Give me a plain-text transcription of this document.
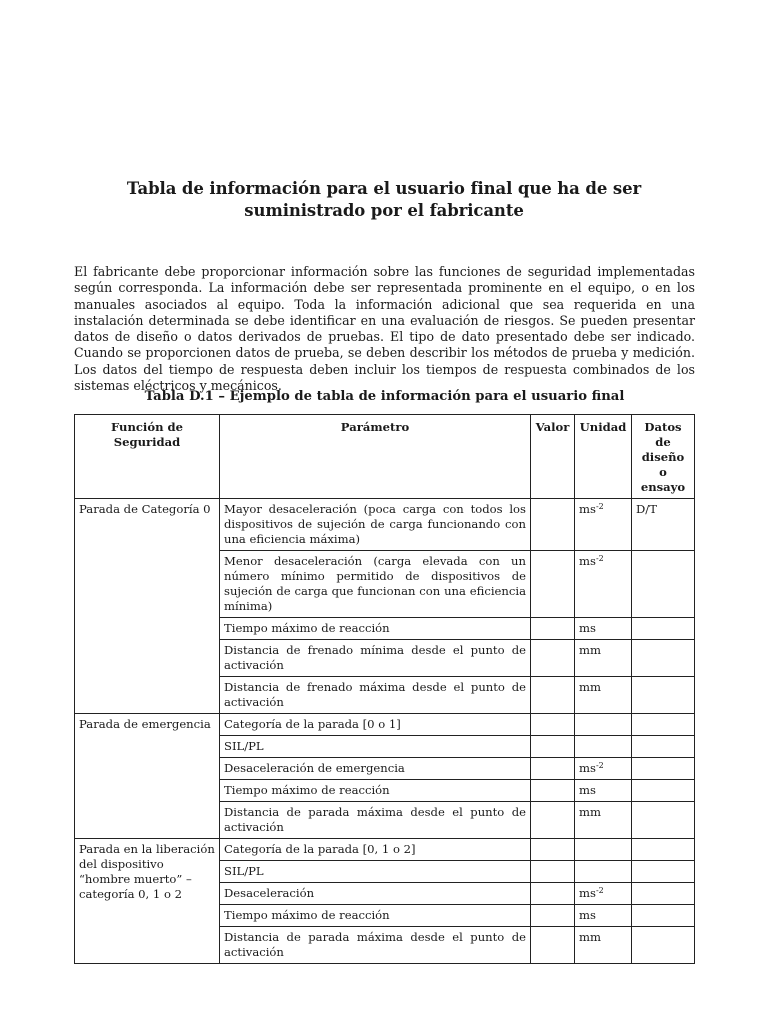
Tabla de información para el usuario final que ha de ser
suministrado por el fabricante

El fabricante debe proporcionar información sobre las funciones de seguridad implementadas según corresponda. La información debe ser representada prominente en el equipo, o en los manuales asociados al equipo. Toda la información adicional que sea requerida en una instalación determinada se debe identificar en una evaluación de riesgos. Se pueden presentar datos de diseño o datos derivados de pruebas. El tipo de dato presentado debe ser indicado. Cuando se proporcionen datos de prueba, se deben describir los métodos de prueba y medición. Los datos del tiempo de respuesta deben incluir los tiempos de respuesta combinados de los sistemas eléctricos y mecánicos.

Tabla D.1 – Ejemplo de tabla de información para el usuario final
Función de Seguridad	Parámetro	Valor	Unidad	Datos de diseño o ensayo
Parada de Categoría 0	Mayor desaceleración (poca carga con todos los dispositivos de sujeción de carga funcionando con una eficiencia máxima)		$ms^{-2}$	D/T
	Menor desaceleración (carga elevada con un número mínimo permitido de dispositivos de sujeción de carga que funcionan con una eficiencia mínima)		$ms^{-2}$	
	Tiempo máximo de reacción		ms	
	Distancia de frenado mínima desde el punto de activación		mm	
	Distancia de frenado máxima desde el punto de activación		mm	
Parada de emergencia	Categoría de la parada [0 o 1]			
	SIL/PL			
	Desaceleración de emergencia		$ms^{-2}$	
	Tiempo máximo de reacción		ms	
	Distancia de parada máxima desde el punto de activación		mm	
Parada en la liberación del dispositivo “hombre muerto” – categoría 0, 1 o 2	Categoría de la parada [0, 1 o 2]			
	SIL/PL			
	Desaceleración		$ms^{-2}$	
	Tiempo máximo de reacción		ms	
	Distancia de parada máxima desde el punto de activación		mm	
